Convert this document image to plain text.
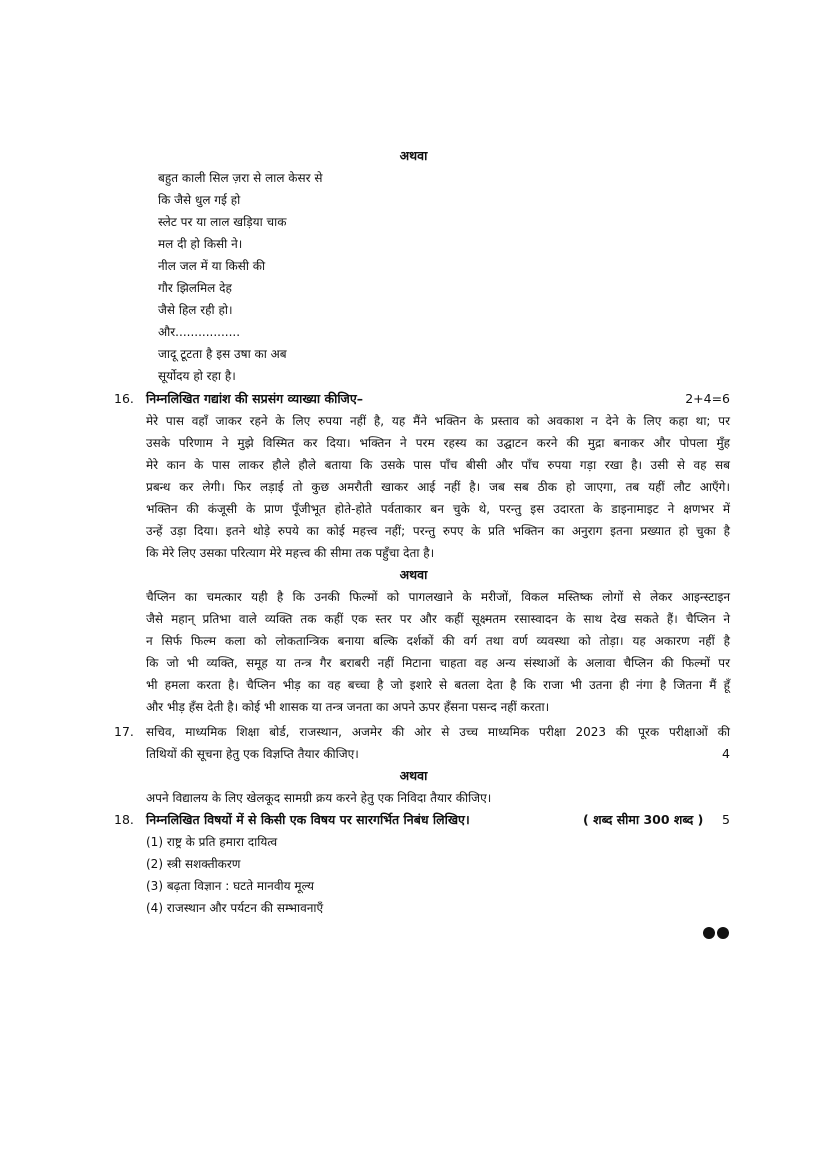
अथवा
बहुत काली सिल ज़रा से लाल केसर से
कि जैसे धुल गई हो
स्लेट पर या लाल खड़िया चाक
मल दी हो किसी ने।
नील जल में या किसी की
गौर झिलमिल देह
जैसे हिल रही हो।
और.................
जादू टूटता है इस उषा का अब
सूर्योदय हो रहा है।
16. निम्नलिखित गद्यांश की सप्रसंग व्याख्या कीजिए–	2+4=6
मेरे पास वहाँ जाकर रहने के लिए रुपया नहीं है, यह मैंने भक्तिन के प्रस्ताव को अवकाश न देने के लिए कहा था; पर
उसके परिणाम ने मुझे विस्मित कर दिया। भक्तिन ने परम रहस्य का उद्घाटन करने की मुद्रा बनाकर और पोपला मुँह
मेरे कान के पास लाकर हौले हौले बताया कि उसके पास पाँच बीसी और पाँच रुपया गड़ा रखा है। उसी से वह सब
प्रबन्ध कर लेगी। फिर लड़ाई तो कुछ अमरौती खाकर आई नहीं है। जब सब ठीक हो जाएगा, तब यहीं लौट आएँगे।
भक्तिन की कंजूसी के प्राण पूँजीभूत होते-होते पर्वताकार बन चुके थे, परन्तु इस उदारता के डाइनामाइट ने क्षणभर में
उन्हें उड़ा दिया। इतने थोड़े रुपये का कोई महत्त्व नहीं; परन्तु रुपए के प्रति भक्तिन का अनुराग इतना प्रख्यात हो चुका है
कि मेरे लिए उसका परित्याग मेरे महत्त्व की सीमा तक पहुँचा देता है।
अथवा
चैप्लिन का चमत्कार यही है कि उनकी फिल्मों को पागलखाने के मरीजों, विकल मस्तिष्क लोगों से लेकर आइन्स्टाइन
जैसे महान् प्रतिभा वाले व्यक्ति तक कहीं एक स्तर पर और कहीं सूक्ष्मतम रसास्वादन के साथ देख सकते हैं। चैप्लिन ने
न सिर्फ फिल्म कला को लोकतान्त्रिक बनाया बल्कि दर्शकों की वर्ग तथा वर्ण व्यवस्था को तोड़ा। यह अकारण नहीं है
कि जो भी व्यक्ति, समूह या तन्त्र गैर बराबरी नहीं मिटाना चाहता वह अन्य संस्थाओं के अलावा चैप्लिन की फिल्मों पर
भी हमला करता है। चैप्लिन भीड़ का वह बच्चा है जो इशारे से बतला देता है कि राजा भी उतना ही नंगा है जितना मैं हूँ
और भीड़ हँस देती है। कोई भी शासक या तन्त्र जनता का अपने ऊपर हँसना पसन्द नहीं करता।
17. सचिव, माध्यमिक शिक्षा बोर्ड, राजस्थान, अजमेर की ओर से उच्च माध्यमिक परीक्षा 2023 की पूरक परीक्षाओं की
तिथियों की सूचना हेतु एक विज्ञप्ति तैयार कीजिए।	4
अथवा
अपने विद्यालय के लिए खेलकूद सामग्री क्रय करने हेतु एक निविदा तैयार कीजिए।
18. निम्नलिखित विषयों में से किसी एक विषय पर सारगर्भित निबंध लिखिए।	( शब्द सीमा 300 शब्द ) 5
(1) राष्ट्र के प्रति हमारा दायित्व
(2) स्त्री सशक्तीकरण
(3) बढ़ता विज्ञान : घटते मानवीय मूल्य
(4) राजस्थान और पर्यटन की सम्भावनाएँ
